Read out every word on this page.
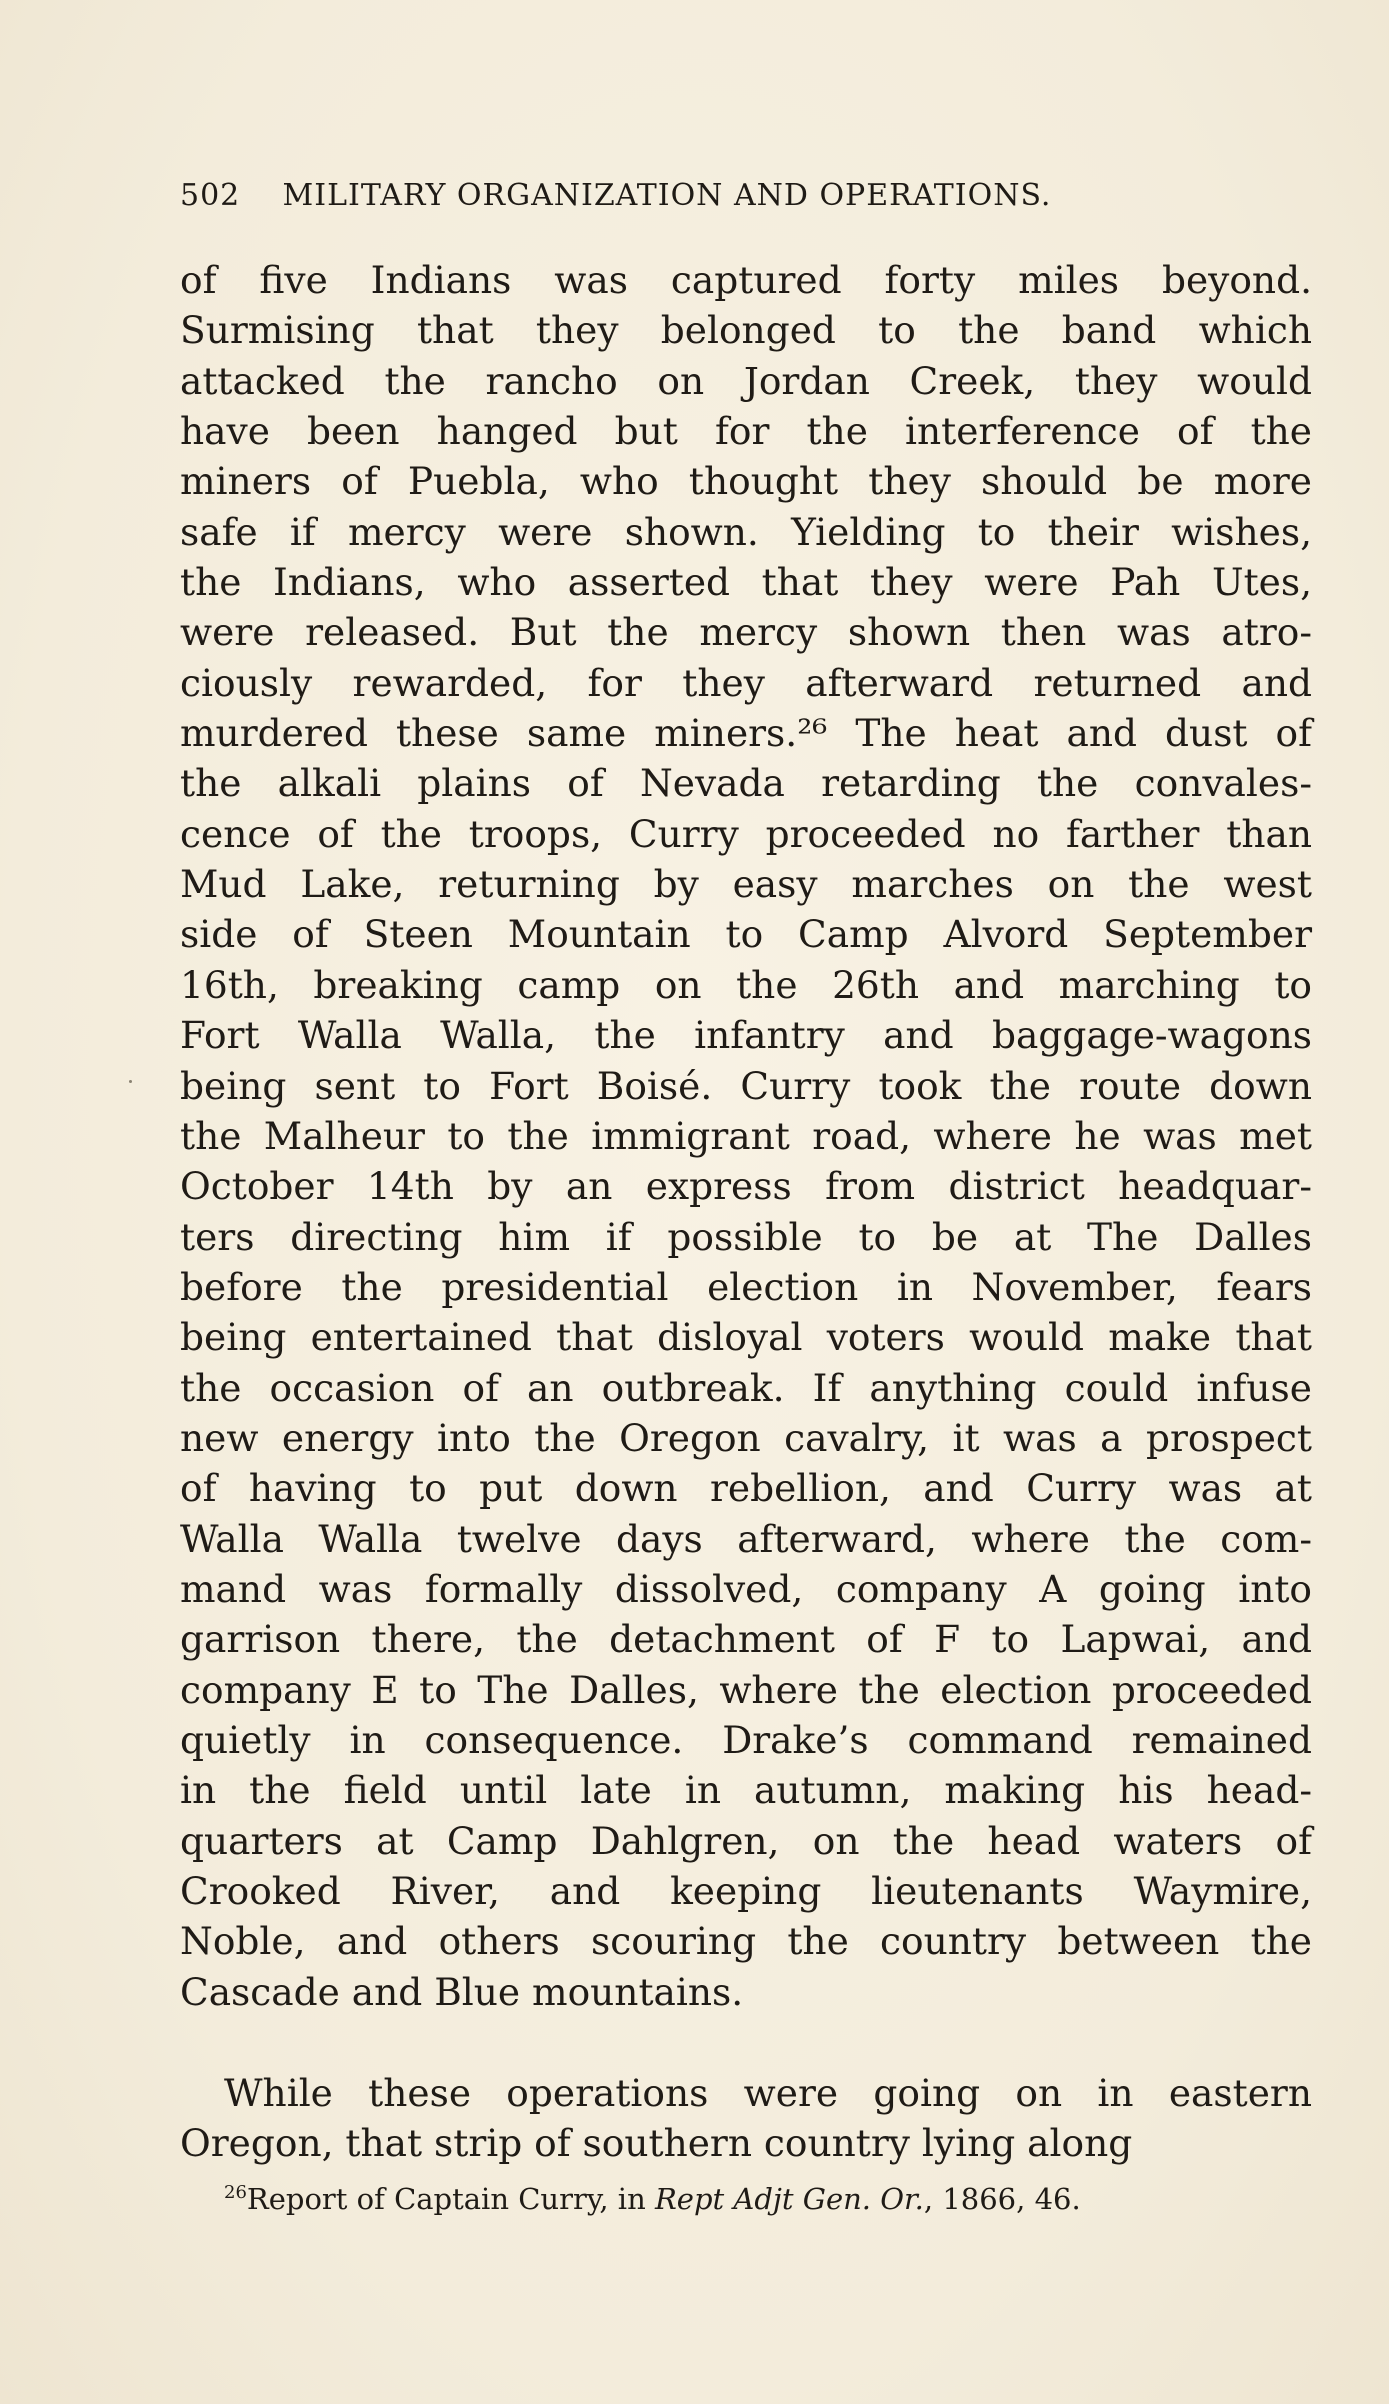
502 MILITARY ORGANIZATION AND OPERATIONS.
of five Indians was captured forty miles beyond.
Surmising that they belonged to the band which
attacked the rancho on Jordan Creek, they would
have been hanged but for the interference of the
miners of Puebla, who thought they should be more
safe if mercy were shown. Yielding to their wishes,
the Indians, who asserted that they were Pah Utes,
were released. But the mercy shown then was atro-
ciously rewarded, for they afterward returned and
murdered these same miners.²⁶ The heat and dust of
the alkali plains of Nevada retarding the convales-
cence of the troops, Curry proceeded no farther than
Mud Lake, returning by easy marches on the west
side of Steen Mountain to Camp Alvord September
16th, breaking camp on the 26th and marching to
Fort Walla Walla, the infantry and baggage-wagons
being sent to Fort Boisé. Curry took the route down
the Malheur to the immigrant road, where he was met
October 14th by an express from district headquar-
ters directing him if possible to be at The Dalles
before the presidential election in November, fears
being entertained that disloyal voters would make that
the occasion of an outbreak. If anything could infuse
new energy into the Oregon cavalry, it was a prospect
of having to put down rebellion, and Curry was at
Walla Walla twelve days afterward, where the com-
mand was formally dissolved, company A going into
garrison there, the detachment of F to Lapwai, and
company E to The Dalles, where the election proceeded
quietly in consequence. Drake’s command remained
in the field until late in autumn, making his head-
quarters at Camp Dahlgren, on the head waters of
Crooked River, and keeping lieutenants Waymire,
Noble, and others scouring the country between the
Cascade and Blue mountains.
While these operations were going on in eastern
Oregon, that strip of southern country lying along
$^{26}$Report of Captain Curry, in Rept Adjt Gen. Or., 1866, 46.
